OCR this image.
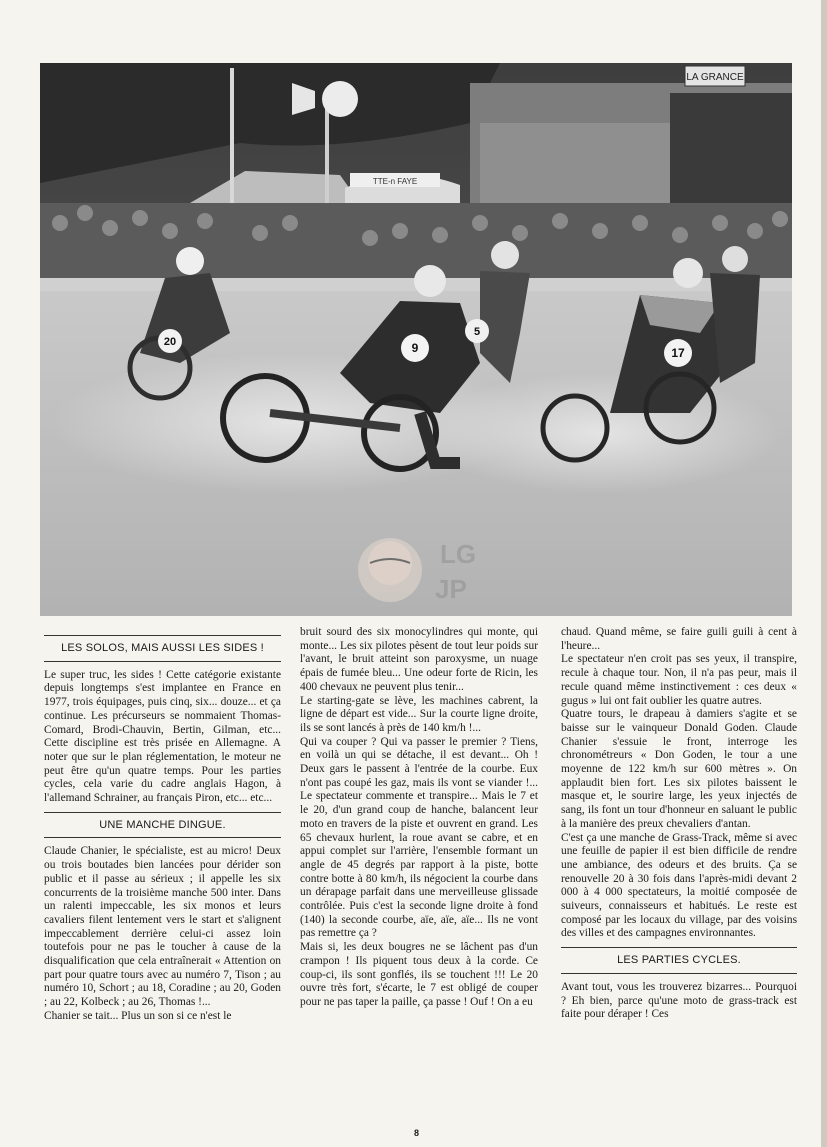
LA GRANCE
TTE-n FAYE
20	9
5
17
LG
JP
LES SOLOS, MAIS AUSSI LES SIDES !

Le super truc, les sides ! Cette catégorie existante depuis longtemps s'est implantee en France en 1977, trois équipages, puis cinq, six... douze... et ça continue. Les précurseurs se nommaient Thomas-Comard, Brodi-Chauvin, Bertin, Gilman, etc... Cette discipline est très prisée en Allemagne. A noter que sur le plan réglementation, le moteur ne peut être qu'un quatre temps. Pour les parties cycles, cela varie du cadre anglais Hagon, à l'allemand Schrainer, au français Piron, etc... etc...

UNE MANCHE DINGUE.

Claude Chanier, le spécialiste, est au micro! Deux ou trois boutades bien lancées pour dérider son public et il passe au sérieux ; il appelle les six concurrents de la troisième manche 500 inter. Dans un ralenti impeccable, les six monos et leurs cavaliers filent lentement vers le start et s'alignent impeccablement derrière celui-ci assez loin toutefois pour ne pas le toucher à cause de la disqualification que cela entraînerait « Attention on part pour quatre tours avec au numéro 7, Tison ; au numéro 10, Schort ; au 18, Coradine ; au 20, Goden ; au 22, Kolbeck ; au 26, Thomas !...

Chanier se tait... Plus un son si ce n'est le

bruit sourd des six monocylindres qui monte, qui monte... Les six pilotes pèsent de tout leur poids sur l'avant, le bruit atteint son paroxysme, un nuage épais de fumée bleu... Une odeur forte de Ricin, les 400 chevaux ne peuvent plus tenir...

Le starting-gate se lève, les machines cabrent, la ligne de départ est vide... Sur la courte ligne droite, ils se sont lancés à près de 140 km/h !...

Qui va couper ? Qui va passer le premier ? Tiens, en voilà un qui se détache, il est devant... Oh ! Deux gars le passent à l'entrée de la courbe. Eux n'ont pas coupé les gaz, mais ils vont se viander !... Le spectateur commente et transpire... Mais le 7 et le 20, d'un grand coup de hanche, balancent leur moto en travers de la piste et ouvrent en grand. Les 65 chevaux hurlent, la roue avant se cabre, et en appui complet sur l'arrière, l'ensemble formant un angle de 45 degrés par rapport à la piste, botte contre botte à 80 km/h, ils négocient la courbe dans un dérapage parfait dans une merveilleuse glissade contrôlée. Puis c'est la seconde ligne droite à fond (140) la seconde courbe, aïe, aïe, aïe... Ils ne vont pas remettre ça ?

Mais si, les deux bougres ne se lâchent pas d'un crampon ! Ils piquent tous deux à la corde. Ce coup-ci, ils sont gonflés, ils se touchent !!! Le 20 ouvre très fort, s'écarte, le 7 est obligé de couper pour ne pas taper la paille, ça passe ! Ouf ! On a eu

chaud. Quand même, se faire guili guili à cent à l'heure...

Le spectateur n'en croit pas ses yeux, il transpire, recule à chaque tour. Non, il n'a pas peur, mais il recule quand même instinctivement : ces deux « gugus » lui ont fait oublier les quatre autres.

Quatre tours, le drapeau à damiers s'agite et se baisse sur le vainqueur Donald Goden. Claude Chanier s'essuie le front, interroge les chronométreurs « Don Goden, le tour a une moyenne de 122 km/h sur 600 mètres ». On applaudit bien fort. Les six pilotes baissent le masque et, le sourire large, les yeux injectés de sang, ils font un tour d'honneur en saluant le public à la manière des preux chevaliers d'antan.

C'est ça une manche de Grass-Track, même si avec une feuille de papier il est bien difficile de rendre une ambiance, des odeurs et des bruits. Ça se renouvelle 20 à 30 fois dans l'après-midi devant 2 000 à 4 000 spectateurs, la moitié composée de suiveurs, connaisseurs et habitués. Le reste est composé par les locaux du village, par des voisins des villes et des campagnes environnantes.

LES PARTIES CYCLES.

Avant tout, vous les trouverez bizarres... Pourquoi ? Eh bien, parce qu'une moto de grass-track est faite pour déraper ! Ces

8
